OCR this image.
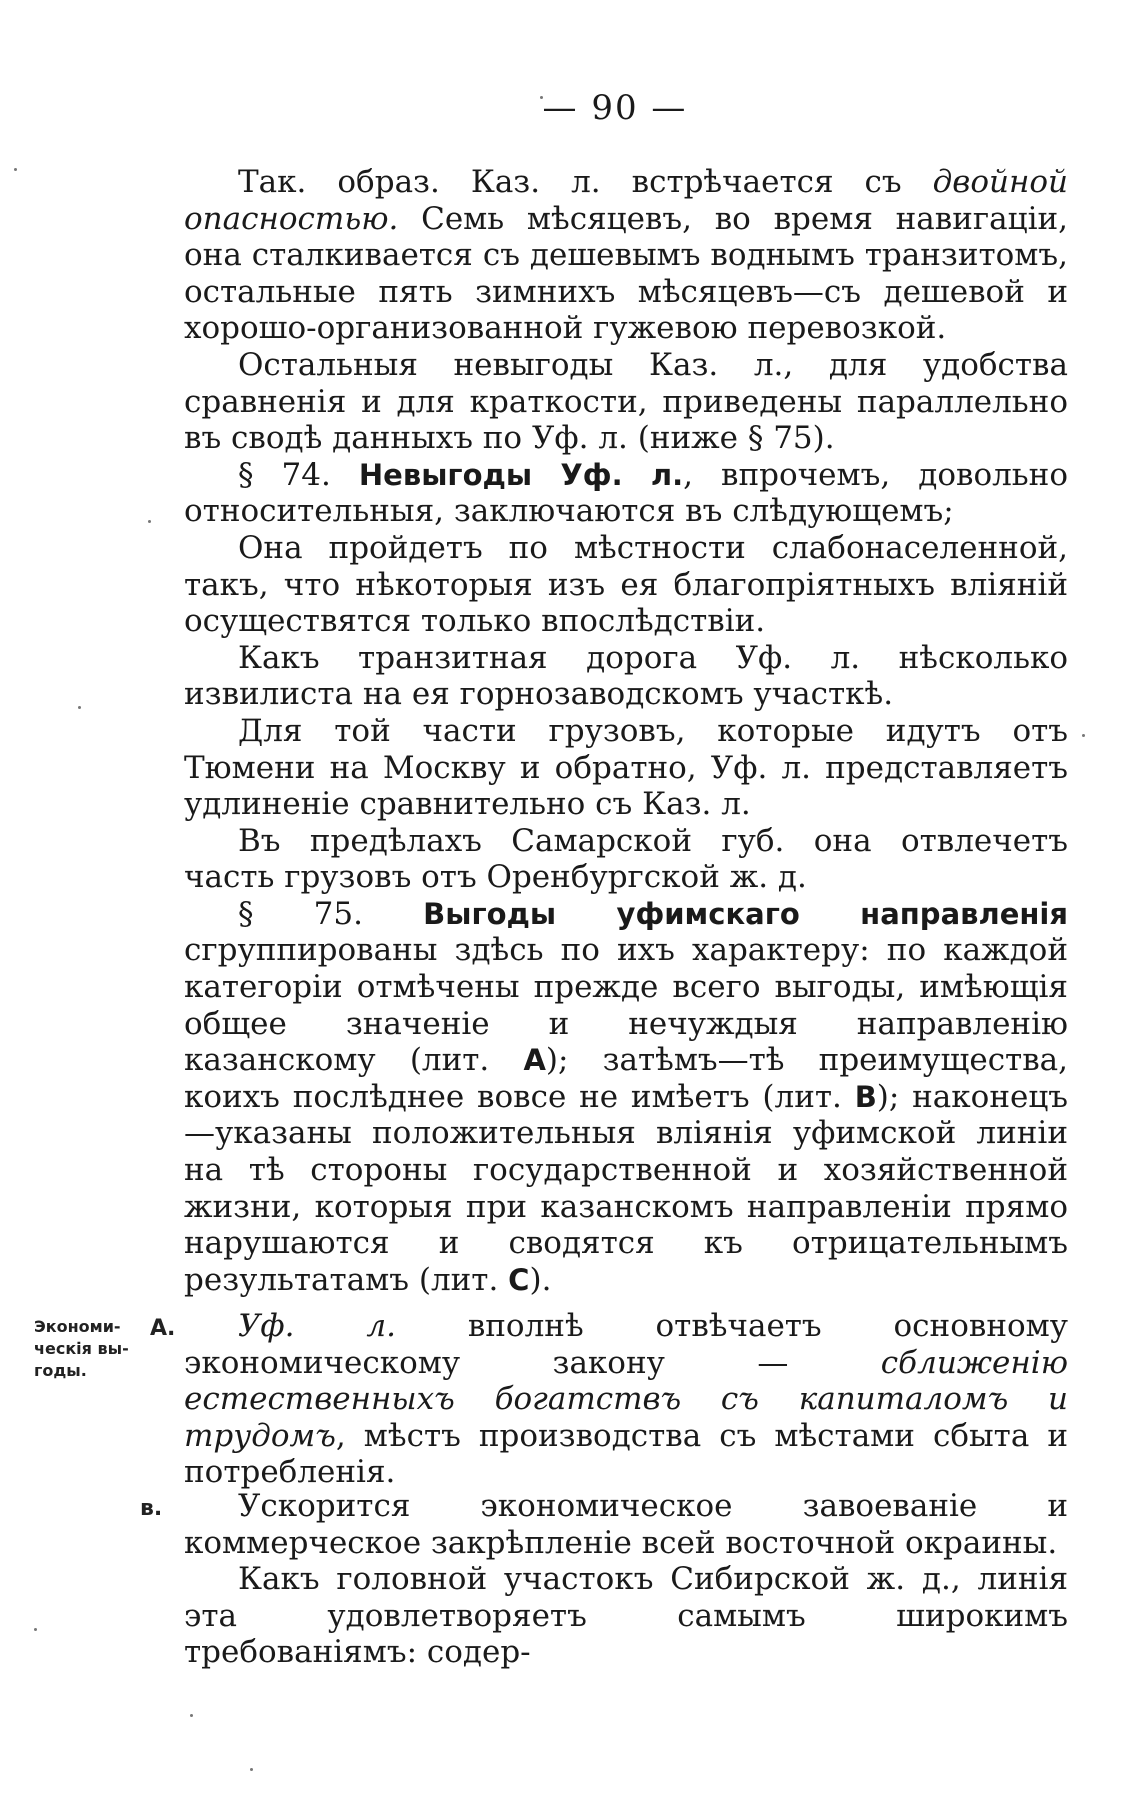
— 90 —

Так. образ. Каз. л. встрѣчается съ двойной опасностью. Семь мѣсяцевъ, во время навигаціи, она сталкивается съ дешевымъ воднымъ транзитомъ, остальные пять зимнихъ мѣсяцевъ—съ дешевой и хорошо-организованной гужевою перевозкой.

Остальныя невыгоды Каз. л., для удобства сравненія и для краткости, приведены параллельно въ сводѣ данныхъ по Уф. л. (ниже § 75).

§ 74. Невыгоды Уф. л., впрочемъ, довольно относительныя, заключаются въ слѣдующемъ;

Она пройдетъ по мѣстности слабонаселенной, такъ, что нѣкоторыя изъ ея благопріятныхъ вліяній осуществятся только впослѣдствіи.

Какъ транзитная дорога Уф. л. нѣсколько извилиста на ея горнозаводскомъ участкѣ.

Для той части грузовъ, которые идутъ отъ Тюмени на Москву и обратно, Уф. л. представляетъ удлиненіе сравнительно съ Каз. л.

Въ предѣлахъ Самарской губ. она отвлечетъ часть грузовъ отъ Оренбургской ж. д.

§ 75. Выгоды уфимскаго направленія сгруппированы здѣсь по ихъ характеру: по каждой категоріи отмѣчены прежде всего выгоды, имѣющія общее значеніе и нечуждыя направленію казанскому (лит. А); затѣмъ—тѣ преимущества, коихъ послѣднее вовсе не имѣетъ (лит. В); наконецъ—указаны положительныя вліянія уфимской линіи на тѣ стороны государственной и хозяйственной жизни, которыя при казанскомъ направленіи прямо нарушаются и сводятся къ отрицательнымъ результатамъ (лит. С).

Экономи-ческія вы-годы.
А.	Уф. л. вполнѣ отвѣчаетъ основному экономическому закону — сближенію естественныхъ богатствъ съ капиталомъ и трудомъ, мѣстъ производства съ мѣстами сбыта и потребленія.

в.	Ускорится экономическое завоеваніе и коммерческое закрѣпленіе всей восточной окраины.

Какъ головной участокъ Сибирской ж. д., линія эта удовлетворяетъ самымъ широкимъ требованіямъ: содер-
